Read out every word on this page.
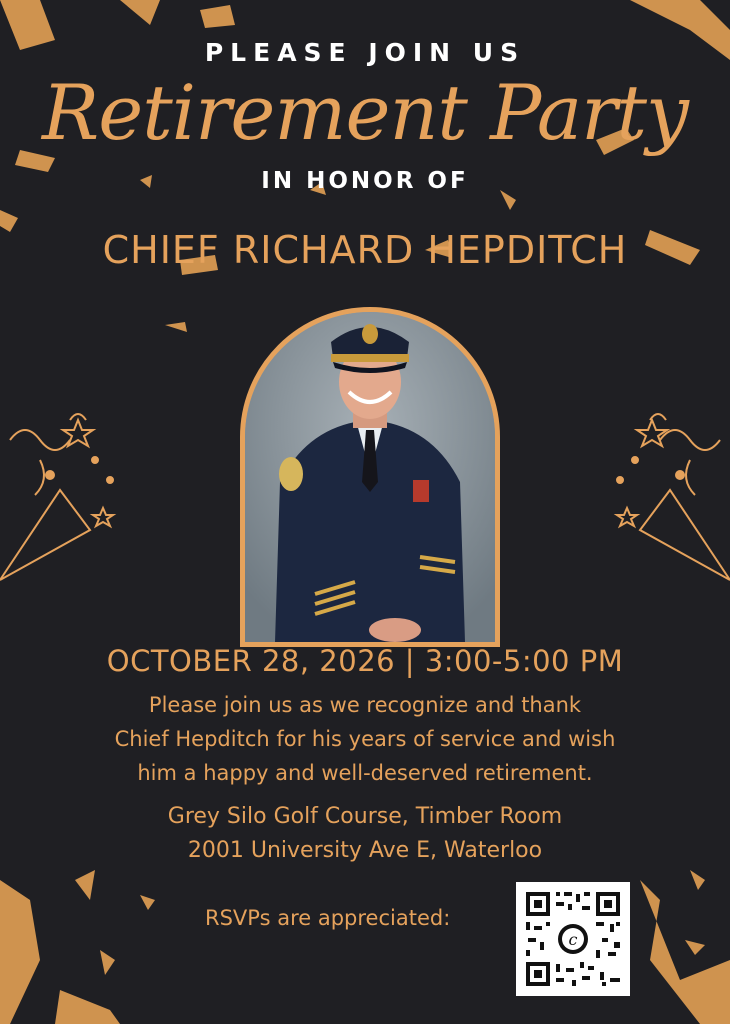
PLEASE JOIN US
Retirement Party
IN HONOR OF
CHIEF RICHARD HEPDITCH
OCTOBER 28, 2026 | 3:00-5:00 PM
Please join us as we recognize and thank
Chief Hepditch for his years of service and wish
him a happy and well-deserved retirement.
Grey Silo Golf Course, Timber Room
2001 University Ave E, Waterloo
RSVPs are appreciated:
c
